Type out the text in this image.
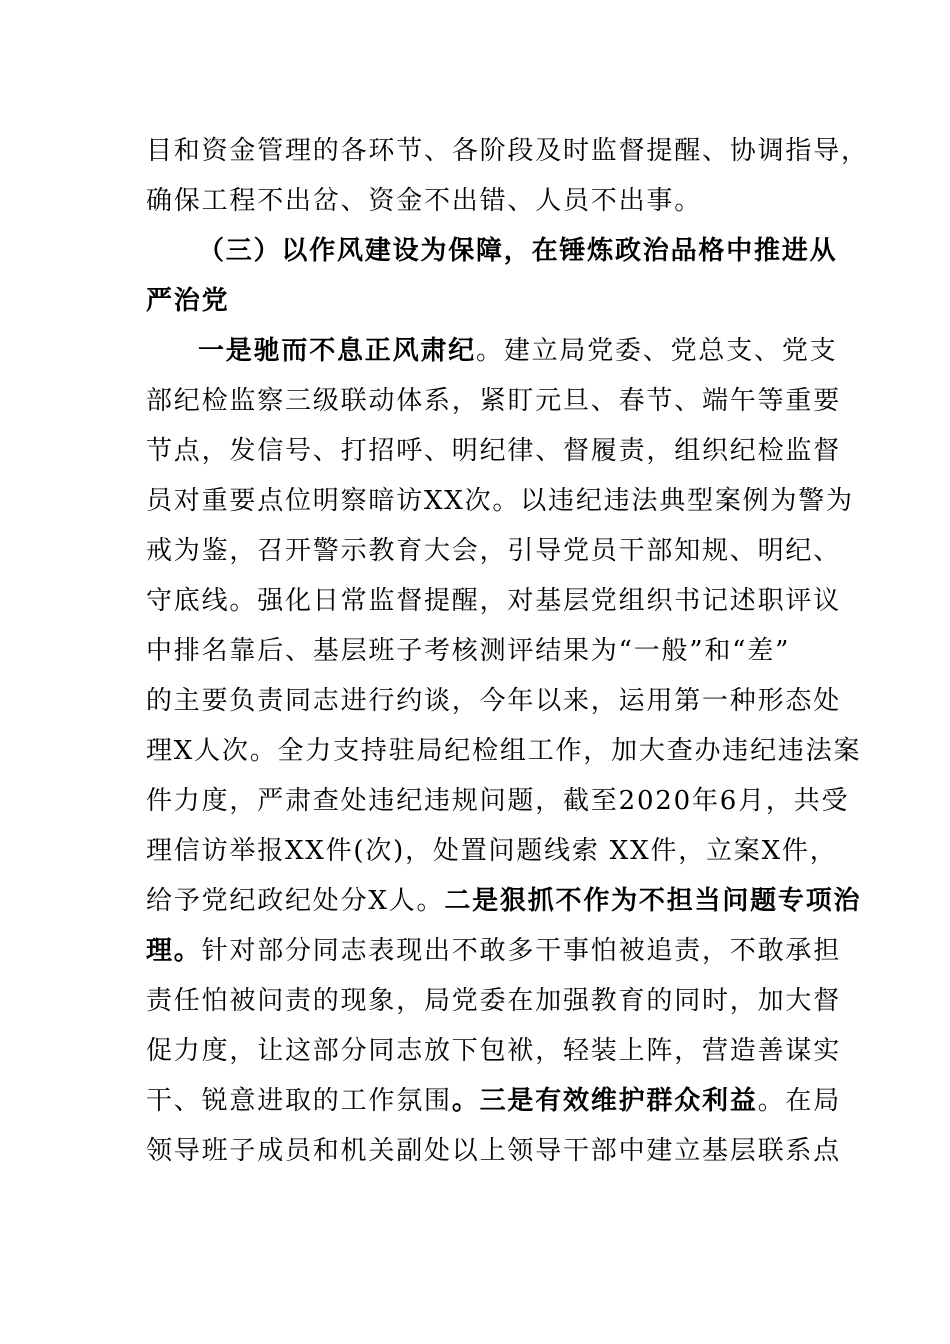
目和资金管理的各环节、各阶段及时监督提醒、协调指导，
确保工程不出岔、资金不出错、人员不出事。
（三）以作风建设为保障，在锤炼政治品格中推进从
严治党
一是驰而不息正风肃纪。建立局党委、党总支、党支
部纪检监察三级联动体系，紧盯元旦、春节、端午等重要
节点，发信号、打招呼、明纪律、督履责，组织纪检监督
员对重要点位明察暗访XX次。以违纪违法典型案例为警为
戒为鉴，召开警示教育大会，引导党员干部知规、明纪、
守底线。强化日常监督提醒，对基层党组织书记述职评议
中排名靠后、基层班子考核测评结果为“一般”和“差”
的主要负责同志进行约谈，今年以来，运用第一种形态处
理X人次。全力支持驻局纪检组工作，加大查办违纪违法案
件力度，严肃查处违纪违规问题，截至2020年6月，共受
理信访举报XX件(次)，处置问题线索 XX件，立案X件，
给予党纪政纪处分X人。二是狠抓不作为不担当问题专项治
理。针对部分同志表现出不敢多干事怕被追责，不敢承担
责任怕被问责的现象，局党委在加强教育的同时，加大督
促力度，让这部分同志放下包袱，轻装上阵，营造善谋实
干、锐意进取的工作氛围。三是有效维护群众利益。在局
领导班子成员和机关副处以上领导干部中建立基层联系点
